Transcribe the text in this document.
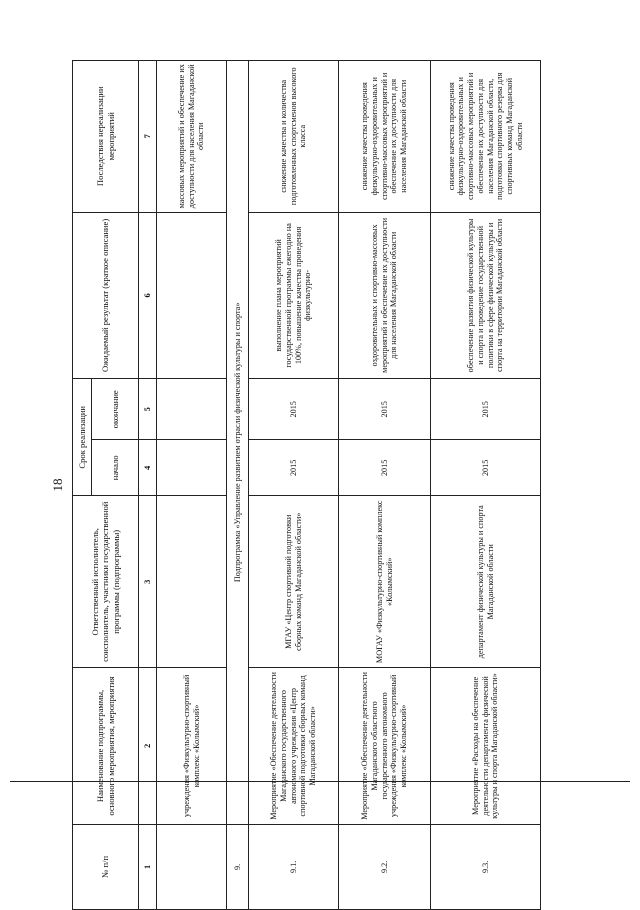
18
№ п/п	Наименование подпрограммы, основного мероприятия, мероприятия	Ответственный исполнитель, соисполнитель, участники государственной программы (подпрограммы)	Срок реализации		Ожидаемый результат (краткое описание)	Последствия нереализации мероприятий
			начало	окончание		
1	2	3	4	5	6	7
	учреждения «Физкультурно-спортивный комплекс «Колымский»					массовых мероприятий и обеспечение их доступности для населения Магаданской области
9.	Подпрограмма «Управление развитием отрасли физической культуры и спорта»					
9.1.	Мероприятие «Обеспечение деятельности Магаданского государственного автономного учреждения «Центр спортивной подготовки сборных команд Магаданской области»	МГАУ «Центр спортивной подготовки сборных команд Магаданской области»	2015	2015	выполнение плана мероприятий государственной программы ежегодно на 100%, повышение качества проведения физкультурно-	снижение качества и количества подготовленных спортсменов высокого класса
9.2.	Мероприятие «Обеспечение деятельности Магаданского областного государственного автономного учреждения «Физкультурно-спортивный комплекс «Колымский»	МОГАУ «Физкультурно-спортивный комплекс «Колымский»	2015	2015	оздоровительных и спортивно-массовых мероприятий и обеспечение их доступности для населения Магаданской области	снижение качества проведения физкультурно-оздоровительных и спортивно-массовых мероприятий и обеспечение их доступности для населения Магаданской области
9.3.	Мероприятие «Расходы на обеспечение деятельности департамента физической культуры и спорта Магаданской области»	департамент физической культуры и спорта Магаданской области	2015	2015	обеспечение развития физической культуры и спорта и проведение государственной политики в сфере физической культуры и спорта на территории Магаданской области	снижение качества проведения физкультурно-оздоровительных и спортивно-массовых мероприятий и обеспечение их доступности для населения Магаданской области, подготовки спортивного резерва для спортивных команд Магаданской области
